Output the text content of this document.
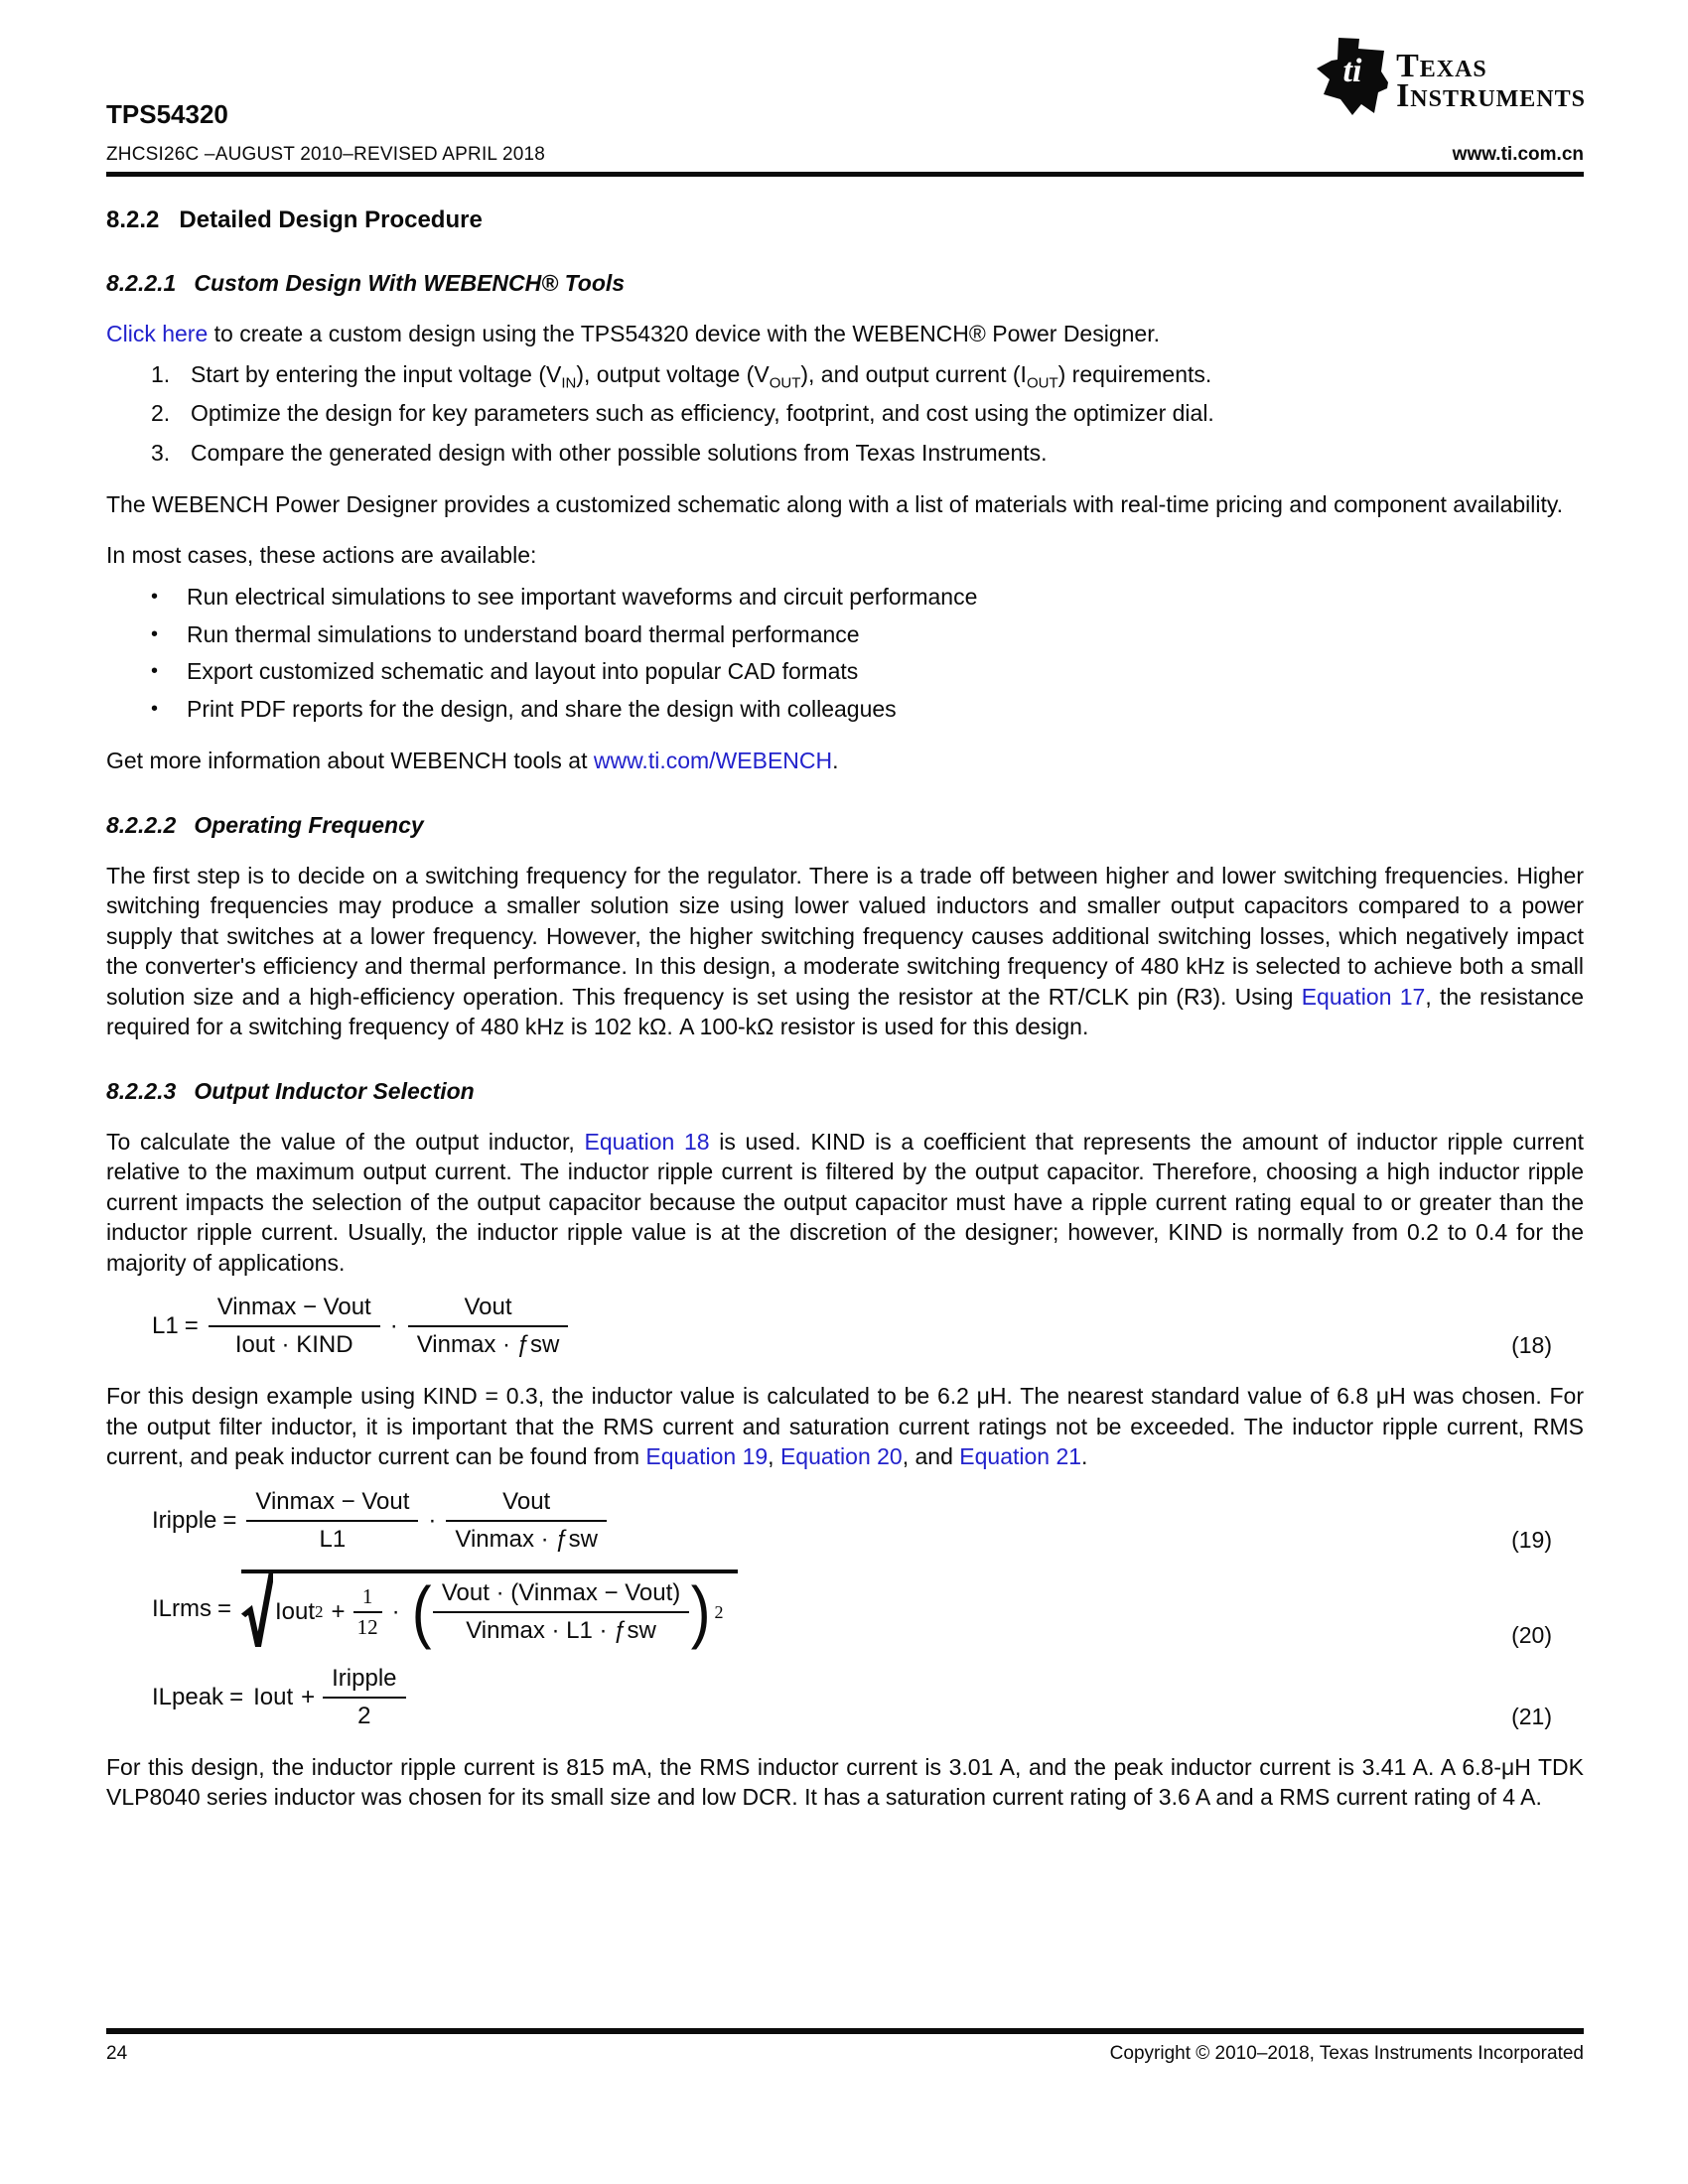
ti Texas
Instruments
TPS54320
ZHCSI26C –AUGUST 2010–REVISED APRIL 2018	www.ti.com.cn
8.2.2 Detailed Design Procedure
8.2.2.1 Custom Design With WEBENCH® Tools

Click here to create a custom design using the TPS54320 device with the WEBENCH® Power Designer.

1. Start by entering the input voltage $(V_{IN})$, output voltage $(V_{OUT})$, and output current $(I_{OUT})$ requirements.
2. Optimize the design for key parameters such as efficiency, footprint, and cost using the optimizer dial.
3. Compare the generated design with other possible solutions from Texas Instruments.

The WEBENCH Power Designer provides a customized schematic along with a list of materials with real-time pricing and component availability.

In most cases, these actions are available:

•	Run electrical simulations to see important waveforms and circuit performance
•	Run thermal simulations to understand board thermal performance
•	Export customized schematic and layout into popular CAD formats
•	Print PDF reports for the design, and share the design with colleagues

Get more information about WEBENCH tools at www.ti.com/WEBENCH.

8.2.2.2 Operating Frequency

The first step is to decide on a switching frequency for the regulator. There is a trade off between higher and lower switching frequencies. Higher switching frequencies may produce a smaller solution size using lower valued inductors and smaller output capacitors compared to a power supply that switches at a lower frequency. However, the higher switching frequency causes additional switching losses, which negatively impact the converter's efficiency and thermal performance. In this design, a moderate switching frequency of 480 kHz is selected to achieve both a small solution size and a high-efficiency operation. This frequency is set using the resistor at the RT/CLK pin (R3). Using Equation 17, the resistance required for a switching frequency of 480 kHz is 102 kΩ. A 100-kΩ resistor is used for this design.

8.2.2.3 Output Inductor Selection

To calculate the value of the output inductor, Equation 18 is used. KIND is a coefficient that represents the amount of inductor ripple current relative to the maximum output current. The inductor ripple current is filtered by the output capacitor. Therefore, choosing a high inductor ripple current impacts the selection of the output capacitor because the output capacitor must have a ripple current rating equal to or greater than the inductor ripple current. Usually, the inductor ripple value is at the discretion of the designer; however, KIND is normally from 0.2 to 0.4 for the majority of applications.

$L1 = \frac{\text{Vinmax − Vout}}{\text{Iout · KIND}} \cdot \frac{\text{Vout}}{\text{Vinmax · ƒsw}}$	(18)

For this design example using KIND = 0.3, the inductor value is calculated to be 6.2 μH. The nearest standard value of 6.8 μH was chosen. For the output filter inductor, it is important that the RMS current and saturation current ratings not be exceeded. The inductor ripple current, RMS current, and peak inductor current can be found from Equation 19, Equation 20, and Equation 21.

Iripple = $\frac{\text{Vinmax − Vout}}{L1} \cdot \frac{\text{Vout}}{\text{Vinmax · ƒsw}}$	(19)
ILrms = Iout $2 + \frac{1}{12}$ · ( $\frac{\text{Vout · (Vinmax − Vout)}}{\text{Vinmax · L1 · ƒsw}}$ ) 2
(20)
ILpeak = Iout + $\frac{\text{Iripple}}{2}$	(21)

For this design, the inductor ripple current is 815 mA, the RMS inductor current is 3.01 A, and the peak inductor current is 3.41 A. A 6.8-μH TDK VLP8040 series inductor was chosen for its small size and low DCR. It has a saturation current rating of 3.6 A and a RMS current rating of 4 A.

24	Copyright © 2010–2018, Texas Instruments Incorporated
